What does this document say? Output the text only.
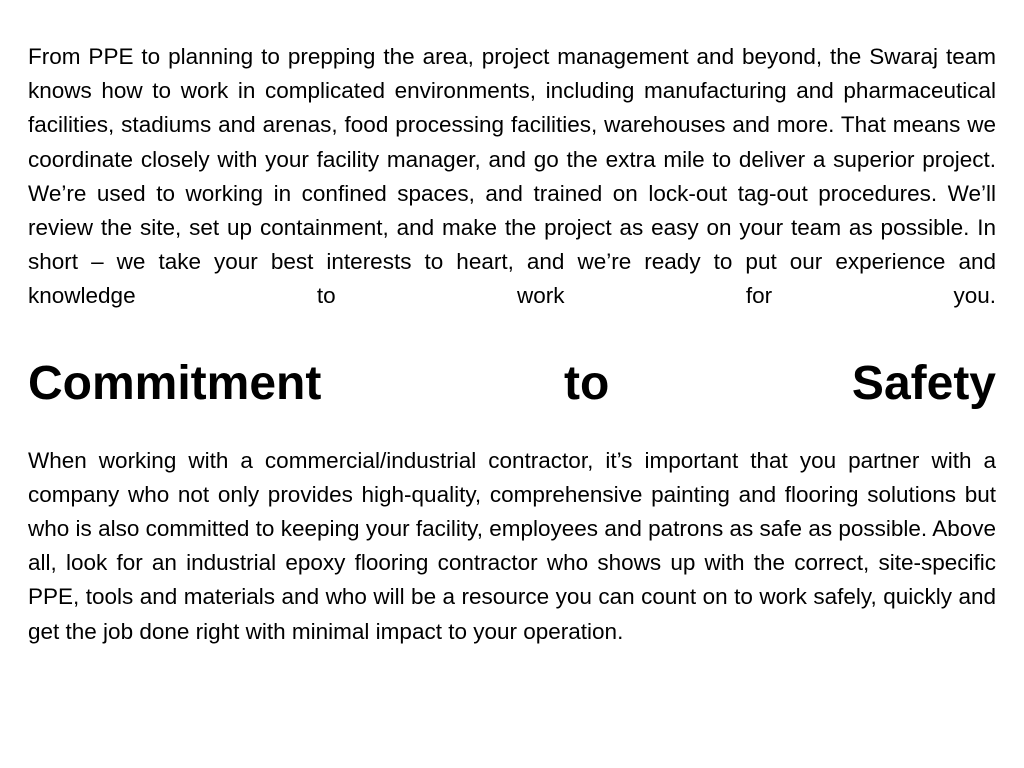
From PPE to planning to prepping the area, project management and beyond, the Swaraj team knows how to work in complicated environments, including manufacturing and pharmaceutical facilities, stadiums and arenas, food processing facilities, warehouses and more. That means we coordinate closely with your facility manager, and go the extra mile to deliver a superior project. We’re used to working in confined spaces, and trained on lock-out tag-out procedures. We’ll review the site, set up containment, and make the project as easy on your team as possible. In short – we take your best interests to heart, and we’re ready to put our experience and knowledge to work for you.

Commitment to Safety

When working with a commercial/industrial contractor, it’s important that you partner with a company who not only provides high-quality, comprehensive painting and flooring solutions but who is also committed to keeping your facility, employees and patrons as safe as possible. Above all, look for an industrial epoxy flooring contractor who shows up with the correct, site-specific PPE, tools and materials and who will be a resource you can count on to work safely, quickly and get the job done right with minimal impact to your operation.
